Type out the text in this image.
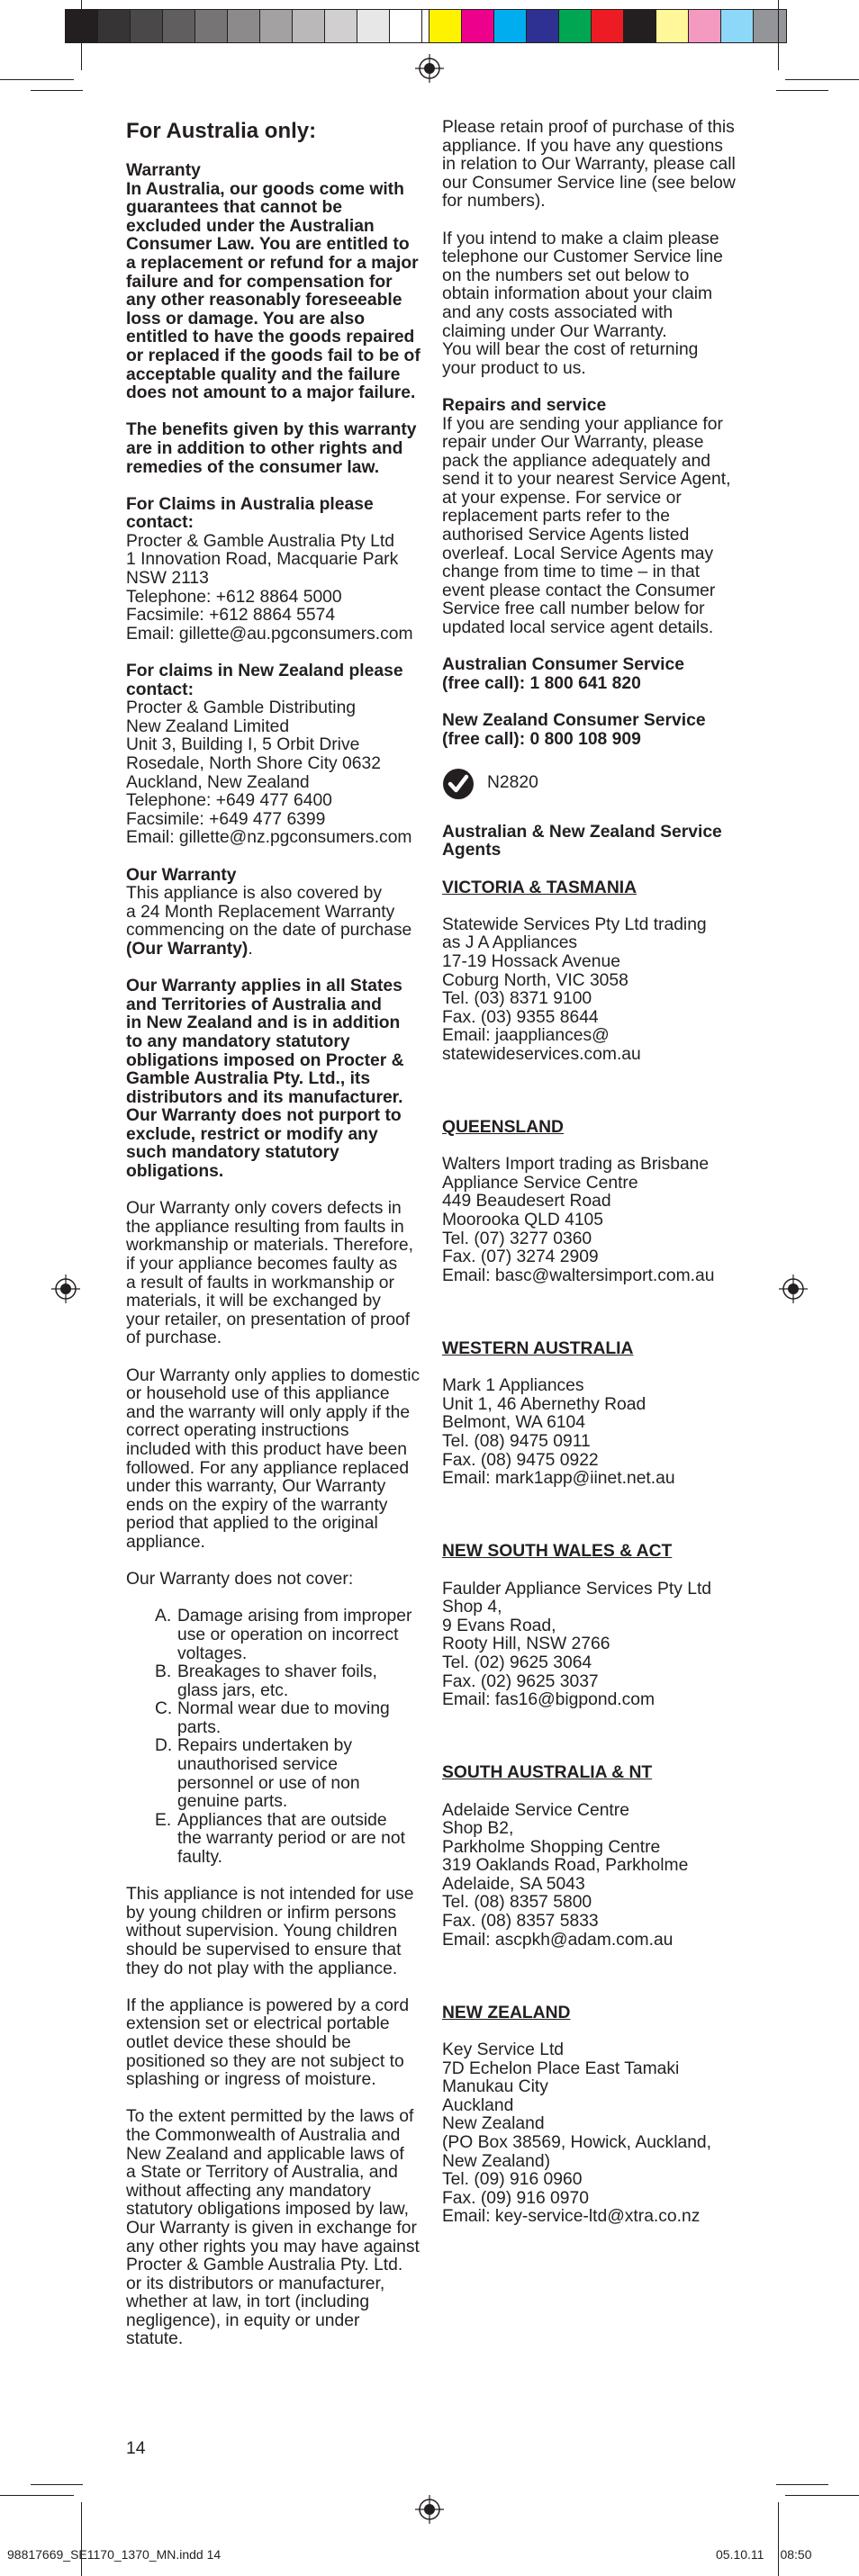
For Australia only:

Warranty

In Australia, our goods come with
guarantees that cannot be
excluded under the Australian
Consumer Law. You are entitled to
a replacement or refund for a major
failure and for compensation for
any other reasonably foreseeable
loss or damage. You are also
entitled to have the goods repaired
or replaced if the goods fail to be of
acceptable quality and the failure
does not amount to a major failure.

The benefits given by this warranty
are in addition to other rights and
remedies of the consumer law.

For Claims in Australia please
contact:

Procter & Gamble Australia Pty Ltd
1 Innovation Road, Macquarie Park
NSW 2113
Telephone: +612 8864 5000
Facsimile: +612 8864 5574
Email: gillette@au.pgconsumers.com

For claims in New Zealand please
contact:

Procter & Gamble Distributing
New Zealand Limited
Unit 3, Building I, 5 Orbit Drive
Rosedale, North Shore City 0632
Auckland, New Zealand
Telephone: +649 477 6400
Facsimile: +649 477 6399
Email: gillette@nz.pgconsumers.com

Our Warranty

This appliance is also covered by
a 24 Month Replacement Warranty
commencing on the date of purchase
(Our Warranty).

Our Warranty applies in all States
and Territories of Australia and
in New Zealand and is in addition
to any mandatory statutory
obligations imposed on Procter &
Gamble Australia Pty. Ltd., its
distributors and its manufacturer.
Our Warranty does not purport to
exclude, restrict or modify any
such mandatory statutory
obligations.

Our Warranty only covers defects in
the appliance resulting from faults in
workmanship or materials. Therefore,
if your appliance becomes faulty as
a result of faults in workmanship or
materials, it will be exchanged by
your retailer, on presentation of proof
of purchase.

Our Warranty only applies to domestic
or household use of this appliance
and the warranty will only apply if the
correct operating instructions
included with this product have been
followed. For any appliance replaced
under this warranty, Our Warranty
ends on the expiry of the warranty
period that applied to the original
appliance.

Our Warranty does not cover:

A. Damage arising from improper
use or operation on incorrect
voltages.
B. Breakages to shaver foils,
glass jars, etc.
C. Normal wear due to moving
parts.
D. Repairs undertaken by
unauthorised service
personnel or use of non
genuine parts.
E. Appliances that are outside
the warranty period or are not
faulty.

This appliance is not intended for use
by young children or infirm persons
without supervision. Young children
should be supervised to ensure that
they do not play with the appliance.

If the appliance is powered by a cord
extension set or electrical portable
outlet device these should be
positioned so they are not subject to
splashing or ingress of moisture.

To the extent permitted by the laws of
the Commonwealth of Australia and
New Zealand and applicable laws of
a State or Territory of Australia, and
without affecting any mandatory
statutory obligations imposed by law,
Our Warranty is given in exchange for
any other rights you may have against
Procter & Gamble Australia Pty. Ltd.
or its distributors or manufacturer,
whether at law, in tort (including
negligence), in equity or under
statute.

Please retain proof of purchase of this
appliance. If you have any questions
in relation to Our Warranty, please call
our Consumer Service line (see below
for numbers).

If you intend to make a claim please
telephone our Customer Service line
on the numbers set out below to
obtain information about your claim
and any costs associated with
claiming under Our Warranty.
You will bear the cost of returning
your product to us.

Repairs and service

If you are sending your appliance for
repair under Our Warranty, please
pack the appliance adequately and
send it to your nearest Service Agent,
at your expense. For service or
replacement parts refer to the
authorised Service Agents listed
overleaf. Local Service Agents may
change from time to time – in that
event please contact the Consumer
Service free call number below for
updated local service agent details.

Australian Consumer Service
(free call): 1 800 641 820

New Zealand Consumer Service
(free call): 0 800 108 909

N2820

Australian & New Zealand Service
Agents

VICTORIA & TASMANIA

Statewide Services Pty Ltd trading
as J A Appliances
17-19 Hossack Avenue
Coburg North, VIC 3058
Tel. (03) 8371 9100
Fax. (03) 9355 8644
Email: jaappliances@
statewideservices.com.au

QUEENSLAND

Walters Import trading as Brisbane
Appliance Service Centre
449 Beaudesert Road
Moorooka QLD 4105
Tel. (07) 3277 0360
Fax. (07) 3274 2909
Email: basc@waltersimport.com.au

WESTERN AUSTRALIA

Mark 1 Appliances
Unit 1, 46 Abernethy Road
Belmont, WA 6104
Tel. (08) 9475 0911
Fax. (08) 9475 0922
Email: mark1app@iinet.net.au

NEW SOUTH WALES & ACT

Faulder Appliance Services Pty Ltd
Shop 4,
9 Evans Road,
Rooty Hill, NSW 2766
Tel. (02) 9625 3064
Fax. (02) 9625 3037
Email: fas16@bigpond.com

SOUTH AUSTRALIA & NT

Adelaide Service Centre
Shop B2,
Parkholme Shopping Centre
319 Oaklands Road, Parkholme
Adelaide, SA 5043
Tel. (08) 8357 5800
Fax. (08) 8357 5833
Email: ascpkh@adam.com.au

NEW ZEALAND

Key Service Ltd
7D Echelon Place East Tamaki
Manukau City
Auckland
New Zealand
(PO Box 38569, Howick, Auckland,
New Zealand)
Tel. (09) 916 0960
Fax. (09) 916 0970
Email: key-service-ltd@xtra.co.nz

14
98817669_SE1170_1370_MN.indd 14	05.10.11 08:50
